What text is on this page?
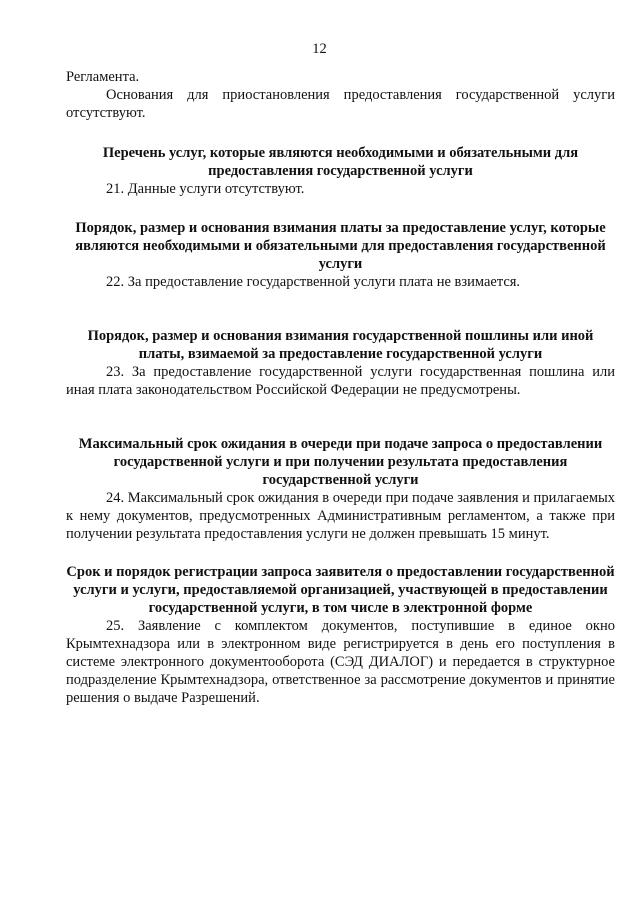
12

Регламента.

Основания для приостановления предоставления государственной услуги отсутствуют.

Перечень услуг, которые являются необходимыми и обязательными для предоставления государственной услуги

21. Данные услуги отсутствуют.

Порядок, размер и основания взимания платы за предоставление услуг, которые являются необходимыми и обязательными для предоставления государственной услуги

22. За предоставление государственной услуги плата не взимается.

Порядок, размер и основания взимания государственной пошлины или иной платы, взимаемой за предоставление государственной услуги

23. За предоставление государственной услуги государственная пошлина или иная плата законодательством Российской Федерации не предусмотрены.

Максимальный срок ожидания в очереди при подаче запроса о предоставлении государственной услуги и при получении результата предоставления государственной услуги

24. Максимальный срок ожидания в очереди при подаче заявления и прилагаемых к нему документов, предусмотренных Административным регламентом, а также при получении результата предоставления услуги не должен превышать 15 минут.

Срок и порядок регистрации запроса заявителя о предоставлении государственной услуги и услуги, предоставляемой организацией, участвующей в предоставлении государственной услуги, в том числе в электронной форме

25. Заявление с комплектом документов, поступившие в единое окно Крымтехнадзора или в электронном виде регистрируется в день его поступления в системе электронного документооборота (СЭД ДИАЛОГ) и передается в структурное подразделение Крымтехнадзора, ответственное за рассмотрение документов и принятие решения о выдаче Разрешений.
